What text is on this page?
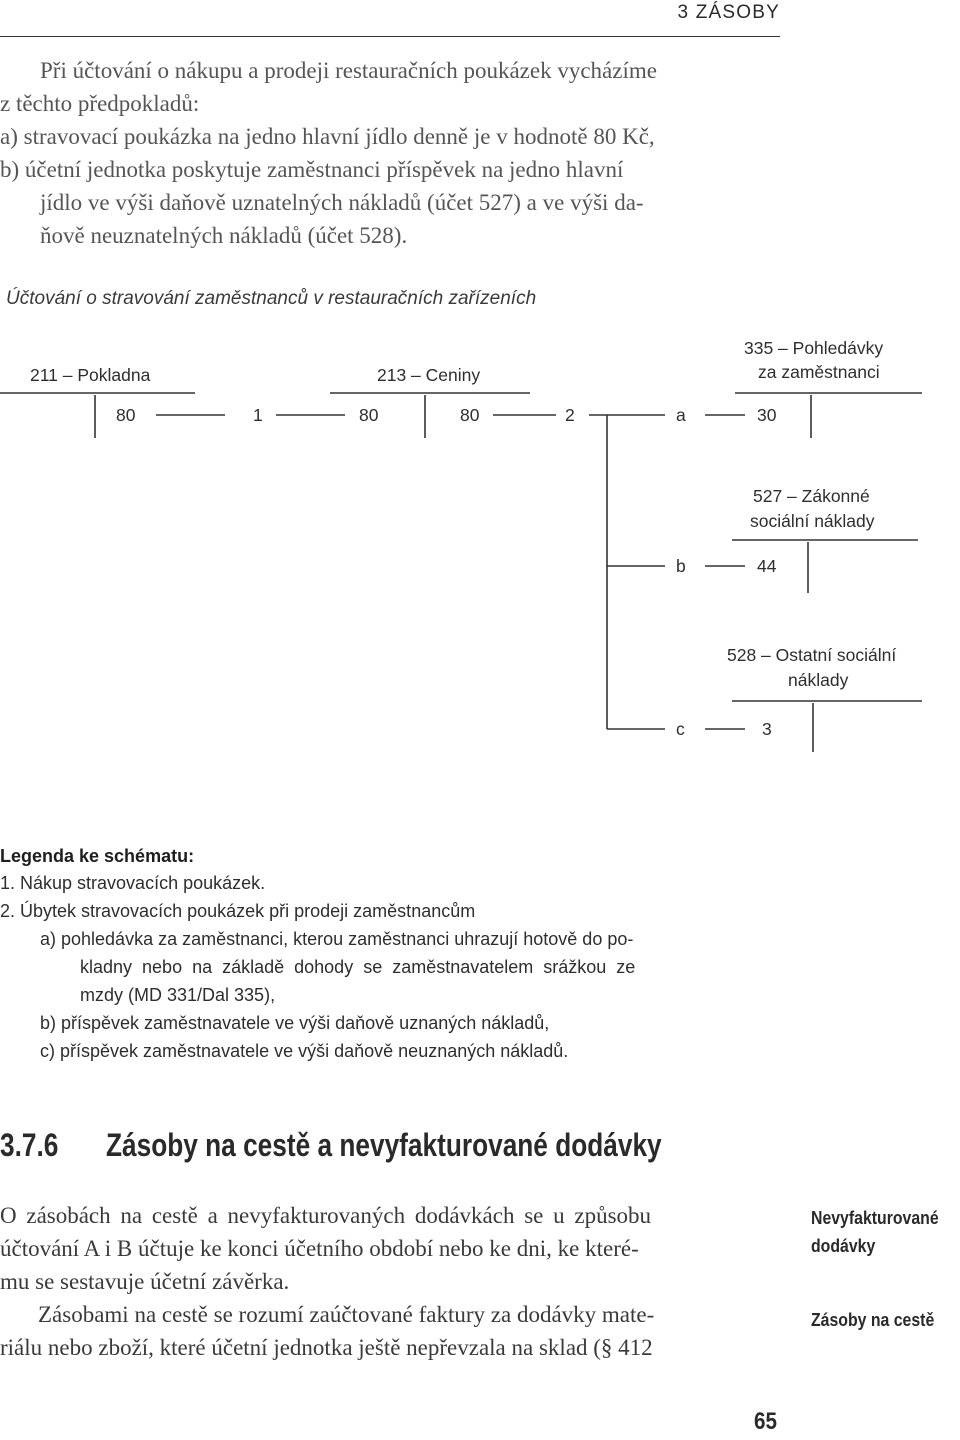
3 ZÁSOBY
Při účtování o nákupu a prodeji restauračních poukázek vycházíme
z těchto předpokladů:
a) stravovací poukázka na jedno hlavní jídlo denně je v hodnotě 80 Kč,
b) účetní jednotka poskytuje zaměstnanci příspěvek na jedno hlavní
jídlo ve výši daňově uznatelných nákladů (účet 527) a ve výši da-
ňově neuznatelných nákladů (účet 528).
Účtování o stravování zaměstnanců v restauračních zařízeních
211 – Pokladna	213 – Ceniny
335 – Pohledávky
za zaměstnanci
527 – Zákonné
sociální náklady
528 – Ostatní sociální
náklady
80	1	80	80	2	a	30
b	44
c	3
Legenda ke schématu:
1. Nákup stravovacích poukázek.
2. Úbytek stravovacích poukázek při prodeji zaměstnancům
a) pohledávka za zaměstnanci, kterou zaměstnanci uhrazují hotově do po-
kladny nebo na základě dohody se zaměstnavatelem srážkou ze
mzdy (MD 331/Dal 335),
b) příspěvek zaměstnavatele ve výši daňově uznaných nákladů,
c) příspěvek zaměstnavatele ve výši daňově neuznaných nákladů.
3.7.6 Zásoby na cestě a nevyfakturované dodávky
O zásobách na cestě a nevyfakturovaných dodávkách se u způsobu
účtování A i B účtuje ke konci účetního období nebo ke dni, ke které-
mu se sestavuje účetní závěrka.
Zásobami na cestě se rozumí zaúčtované faktury za dodávky mate-
riálu nebo zboží, které účetní jednotka ještě nepřevzala na sklad (§ 412
Nevyfakturované
dodávky
Zásoby na cestě
65
